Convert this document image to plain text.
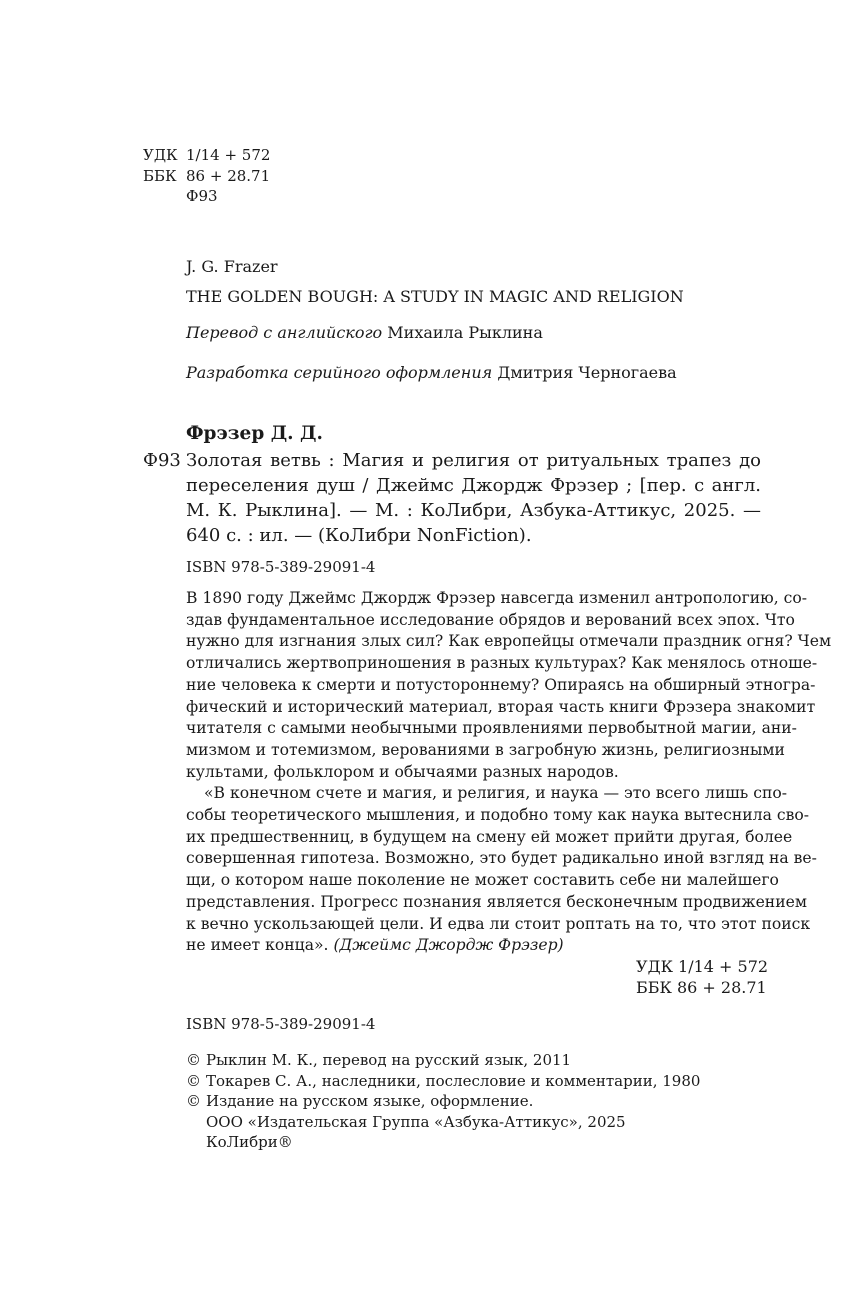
УДК 1/14 + 572
ББК 86 + 28.71
Ф93
J. G. Frazer
THE GOLDEN BOUGH: A STUDY IN MAGIC AND RELIGION
Перевод с английского Михаила Рыклина
Разработка серийного оформления Дмитрия Черногаева
Фрэзер Д. Д.
Ф93 Золотая ветвь : Магия и религия от ритуальных трапез до
переселения душ / Джеймс Джордж Фрэзер ; [пер. с англ.
М. К. Рыклина]. — М. : КоЛибри, Азбука-Аттикус, 2025. —
640 с. : ил. — (КоЛибри NonFiction).
ISBN 978-5-389-29091-4
В 1890 году Джеймс Джордж Фрэзер навсегда изменил антропологию, со-
здав фундаментальное исследование обрядов и верований всех эпох. Что
нужно для изгнания злых сил? Как европейцы отмечали праздник огня? Чем
отличались жертвоприношения в разных культурах? Как менялось отноше-
ние человека к смерти и потустороннему? Опираясь на обширный этногра-
фический и исторический материал, вторая часть книги Фрэзера знакомит
читателя с самыми необычными проявлениями первобытной магии, ани-
мизмом и тотемизмом, верованиями в загробную жизнь, религиозными
культами, фольклором и обычаями разных народов.
«В конечном счете и магия, и религия, и наука — это всего лишь спо-
собы теоретического мышления, и подобно тому как наука вытеснила сво-
их предшественниц, в будущем на смену ей может прийти другая, более
совершенная гипотеза. Возможно, это будет радикально иной взгляд на ве-
щи, о котором наше поколение не может составить себе ни малейшего
представления. Прогресс познания является бесконечным продвижением
к вечно ускользающей цели. И едва ли стоит роптать на то, что этот поиск
не имеет конца». (Джеймс Джордж Фрэзер)
УДК 1/14 + 572
ББК 86 + 28.71
ISBN 978-5-389-29091-4
© Рыклин М. К., перевод на русский язык, 2011
© Токарев С. А., наследники, послесловие и комментарии, 1980
© Издание на русском языке, оформление.
ООО «Издательская Группа «Азбука-Аттикус», 2025
КоЛибри®
